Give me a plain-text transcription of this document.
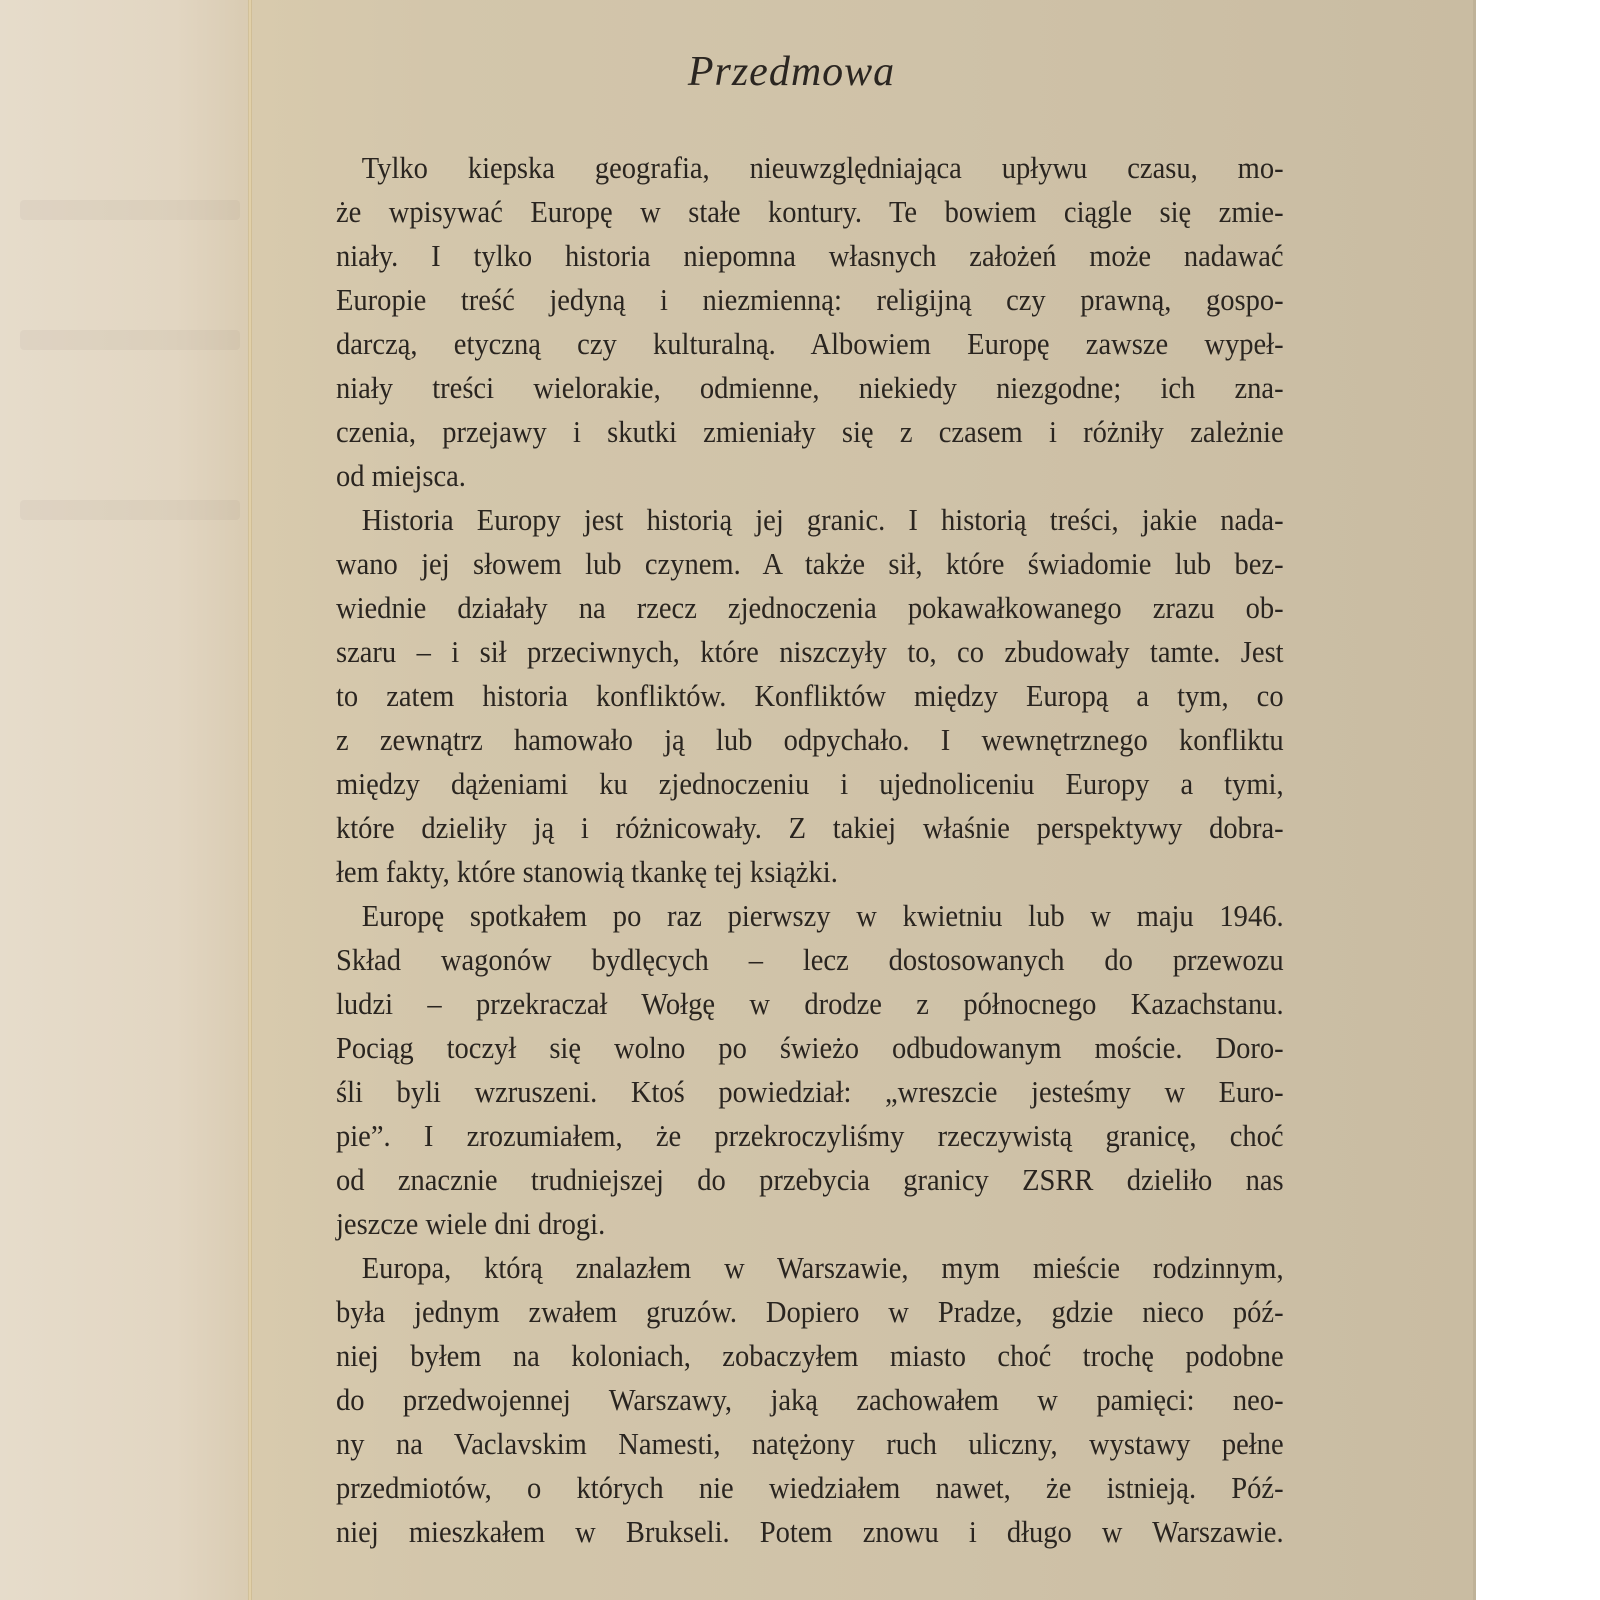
Przedmowa
Tylko kiepska geografia, nieuwzględniająca upływu czasu, mo-
że wpisywać Europę w stałe kontury. Te bowiem ciągle się zmie-
niały. I tylko historia niepomna własnych założeń może nadawać
Europie treść jedyną i niezmienną: religijną czy prawną, gospo-
darczą, etyczną czy kulturalną. Albowiem Europę zawsze wypeł-
niały treści wielorakie, odmienne, niekiedy niezgodne; ich zna-
czenia, przejawy i skutki zmieniały się z czasem i różniły zależnie
od miejsca.
Historia Europy jest historią jej granic. I historią treści, jakie nada-
wano jej słowem lub czynem. A także sił, które świadomie lub bez-
wiednie działały na rzecz zjednoczenia pokawałkowanego zrazu ob-
szaru – i sił przeciwnych, które niszczyły to, co zbudowały tamte. Jest
to zatem historia konfliktów. Konfliktów między Europą a tym, co
z zewnątrz hamowało ją lub odpychało. I wewnętrznego konfliktu
między dążeniami ku zjednoczeniu i ujednoliceniu Europy a tymi,
które dzieliły ją i różnicowały. Z takiej właśnie perspektywy dobra-
łem fakty, które stanowią tkankę tej książki.
Europę spotkałem po raz pierwszy w kwietniu lub w maju 1946.
Skład wagonów bydlęcych – lecz dostosowanych do przewozu
ludzi – przekraczał Wołgę w drodze z północnego Kazachstanu.
Pociąg toczył się wolno po świeżo odbudowanym moście. Doro-
śli byli wzruszeni. Ktoś powiedział: „wreszcie jesteśmy w Euro-
pie”. I zrozumiałem, że przekroczyliśmy rzeczywistą granicę, choć
od znacznie trudniejszej do przebycia granicy ZSRR dzieliło nas
jeszcze wiele dni drogi.
Europa, którą znalazłem w Warszawie, mym mieście rodzinnym,
była jednym zwałem gruzów. Dopiero w Pradze, gdzie nieco póź-
niej byłem na koloniach, zobaczyłem miasto choć trochę podobne
do przedwojennej Warszawy, jaką zachowałem w pamięci: neo-
ny na Vaclavskim Namesti, natężony ruch uliczny, wystawy pełne
przedmiotów, o których nie wiedziałem nawet, że istnieją. Póź-
niej mieszkałem w Brukseli. Potem znowu i długo w Warszawie.
